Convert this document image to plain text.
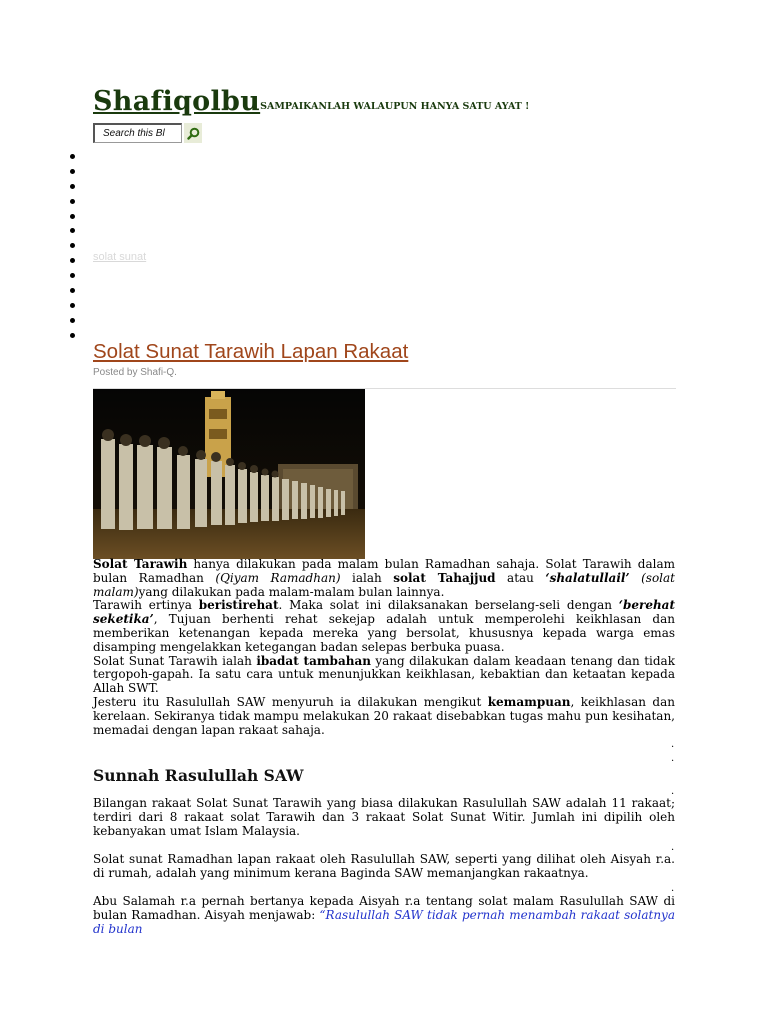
Shafiqolbu SAMPAIKANLAH WALAUPUN HANYA SATU AYAT !
Search this Bl
solat sunat
Solat Sunat Tarawih Lapan Rakaat
Posted by Shafi-Q.

Solat Tarawih hanya dilakukan pada malam bulan Ramadhan sahaja. Solat Tarawih dalam bulan Ramadhan (Qiyam Ramadhan) ialah solat Tahajjud atau ‘shalatullail’ (solat malam)yang dilakukan pada malam-malam bulan lainnya.

Tarawih ertinya beristirehat. Maka solat ini dilaksanakan berselang-seli dengan ‘berehat seketika’, Tujuan berhenti rehat sekejap adalah untuk memperolehi keikhlasan dan memberikan ketenangan kepada mereka yang bersolat, khususnya kepada warga emas disamping mengelakkan ketegangan badan selepas berbuka puasa.

Solat Sunat Tarawih ialah ibadat tambahan yang dilakukan dalam keadaan tenang dan tidak tergopoh-gapah. Ia satu cara untuk menunjukkan keikhlasan, kebaktian dan ketaatan kepada Allah SWT.

Jesteru itu Rasulullah SAW menyuruh ia dilakukan mengikut kemampuan, keikhlasan dan kerelaan. Sekiranya tidak mampu melakukan 20 rakaat disebabkan tugas mahu pun kesihatan, memadai dengan lapan rakaat sahaja.

.
.
Sunnah Rasulullah SAW
.

Bilangan rakaat Solat Sunat Tarawih yang biasa dilakukan Rasulullah SAW adalah 11 rakaat; terdiri dari 8 rakaat solat Tarawih dan 3 rakaat Solat Sunat Witir. Jumlah ini dipilih oleh kebanyakan umat Islam Malaysia.

.

Solat sunat Ramadhan lapan rakaat oleh Rasulullah SAW, seperti yang dilihat oleh Aisyah r.a. di rumah, adalah yang minimum kerana Baginda SAW memanjangkan rakaatnya.

.

Abu Salamah r.a pernah bertanya kepada Aisyah r.a tentang solat malam Rasulullah SAW di bulan Ramadhan. Aisyah menjawab: “Rasulullah SAW tidak pernah menambah rakaat solatnya di bulan
